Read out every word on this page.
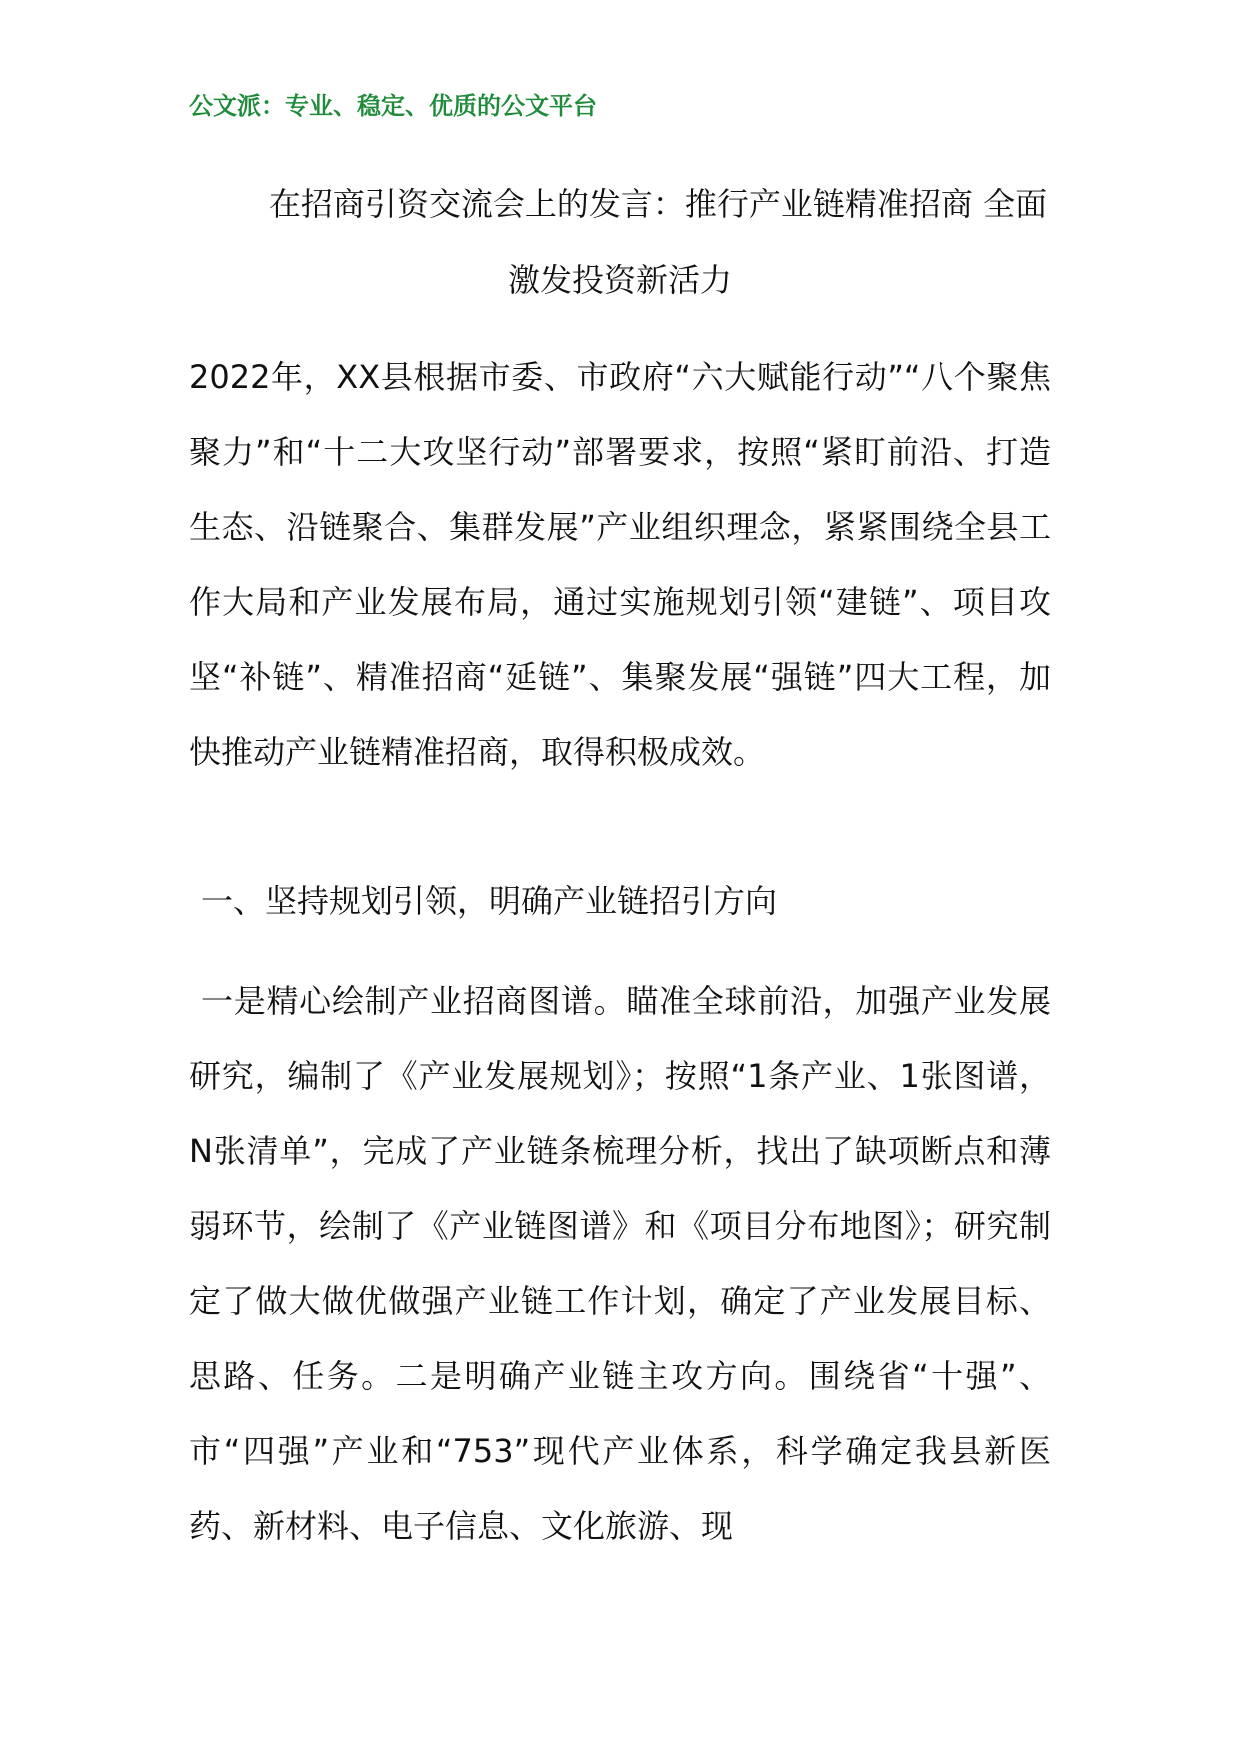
公文派：专业、稳定、优质的公文平台
在招商引资交流会上的发言：推行产业链精准招商 全面激发投资新活力
2022年，XX县根据市委、市政府“六大赋能行动”“八个聚焦聚力”和“十二大攻坚行动”部署要求，按照“紧盯前沿、打造生态、沿链聚合、集群发展”产业组织理念，紧紧围绕全县工作大局和产业发展布局，通过实施规划引领“建链”、项目攻坚“补链”、精准招商“延链”、集聚发展“强链”四大工程，加快推动产业链精准招商，取得积极成效。
一、坚持规划引领，明确产业链招引方向
一是精心绘制产业招商图谱。瞄准全球前沿，加强产业发展研究，编制了《产业发展规划》；按照“1条产业、1张图谱，N张清单”，完成了产业链条梳理分析，找出了缺项断点和薄弱环节，绘制了《产业链图谱》和《项目分布地图》；研究制定了做大做优做强产业链工作计划，确定了产业发展目标、思路、任务。二是明确产业链主攻方向。围绕省“十强”、市“四强”产业和“753”现代产业体系，科学确定我县新医药、新材料、电子信息、文化旅游、现
